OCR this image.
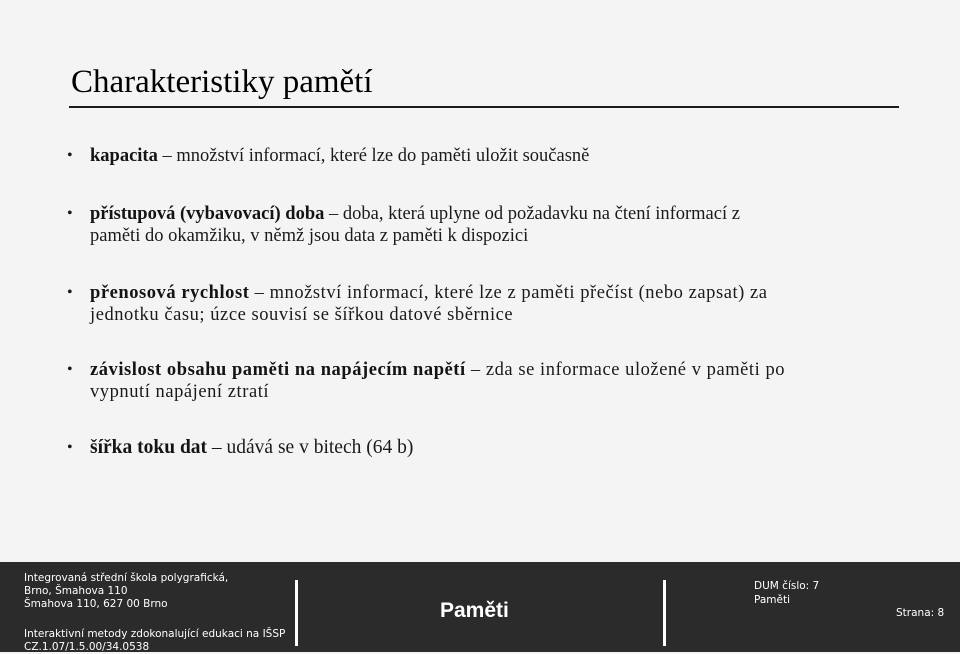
Charakteristiky pamětí
• kapacita – množství informací, které lze do paměti uložit současně
• přístupová (vybavovací) doba – doba, která uplyne od požadavku na čtení informací z
paměti do okamžiku, v němž jsou data z paměti k dispozici
• přenosová rychlost – množství informací, které lze z paměti přečíst (nebo zapsat) za
jednotku času; úzce souvisí se šířkou datové sběrnice
• závislost obsahu paměti na napájecím napětí – zda se informace uložené v paměti po
vypnutí napájení ztratí
• šířka toku dat – udává se v bitech (64 b)
Integrovaná střední škola polygrafická,
Brno, Šmahova 110
Šmahova 110, 627 00 Brno
Interaktivní metody zdokonalující edukaci na IŠSP
CZ.1.07/1.5.00/34.0538
Paměti
DUM číslo: 7
Paměti
Strana: 8
